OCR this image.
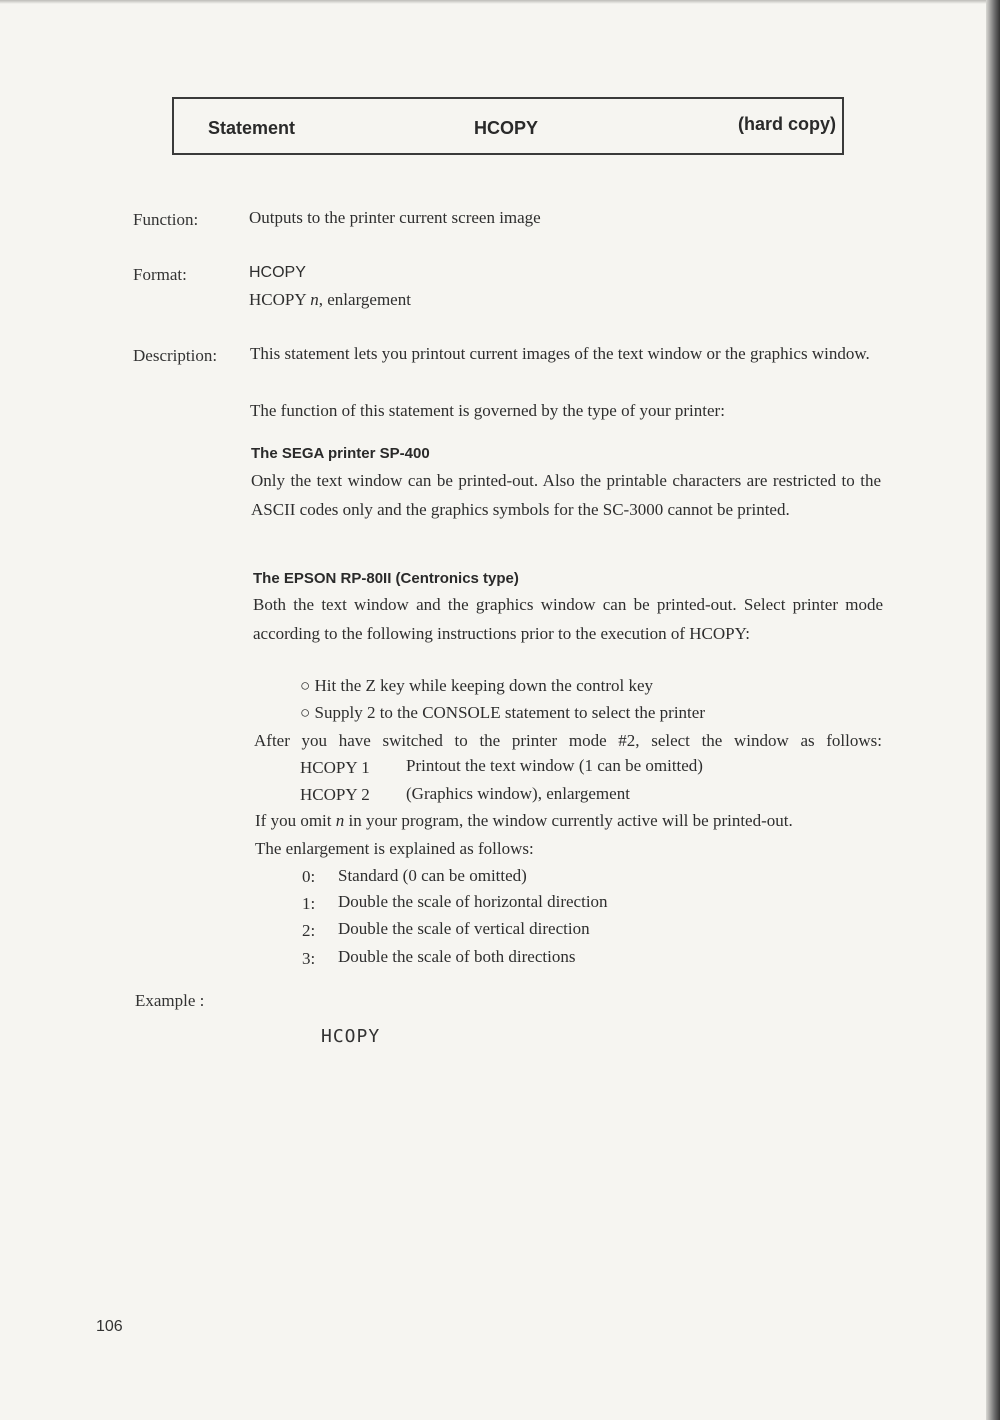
Statement	HCOPY	(hard copy)
Function:	Outputs to the printer current screen image
Format:	HCOPY
HCOPY n, enlargement
Description: This statement lets you printout current images of the text window or the graphics window.
The function of this statement is governed by the type of your printer:
The SEGA printer SP-400
Only the text window can be printed-out. Also the printable characters are restricted to the ASCII codes only and the graphics symbols for the SC-3000 cannot be printed.
The EPSON RP-80II (Centronics type)
Both the text window and the graphics window can be printed-out. Select printer mode according to the following instructions prior to the execution of HCOPY:
○ Hit the Z key while keeping down the control key
○ Supply 2 to the CONSOLE statement to select the printer
After you have switched to the printer mode #2, select the window as follows:
HCOPY 1 Printout the text window (1 can be omitted)
HCOPY 2 (Graphics window), enlargement
If you omit n in your program, the window currently active will be printed-out.
The enlargement is explained as follows:
0: Standard (0 can be omitted)
1: Double the scale of horizontal direction
2: Double the scale of vertical direction
3: Double the scale of both directions
Example :
HCOPY
106
